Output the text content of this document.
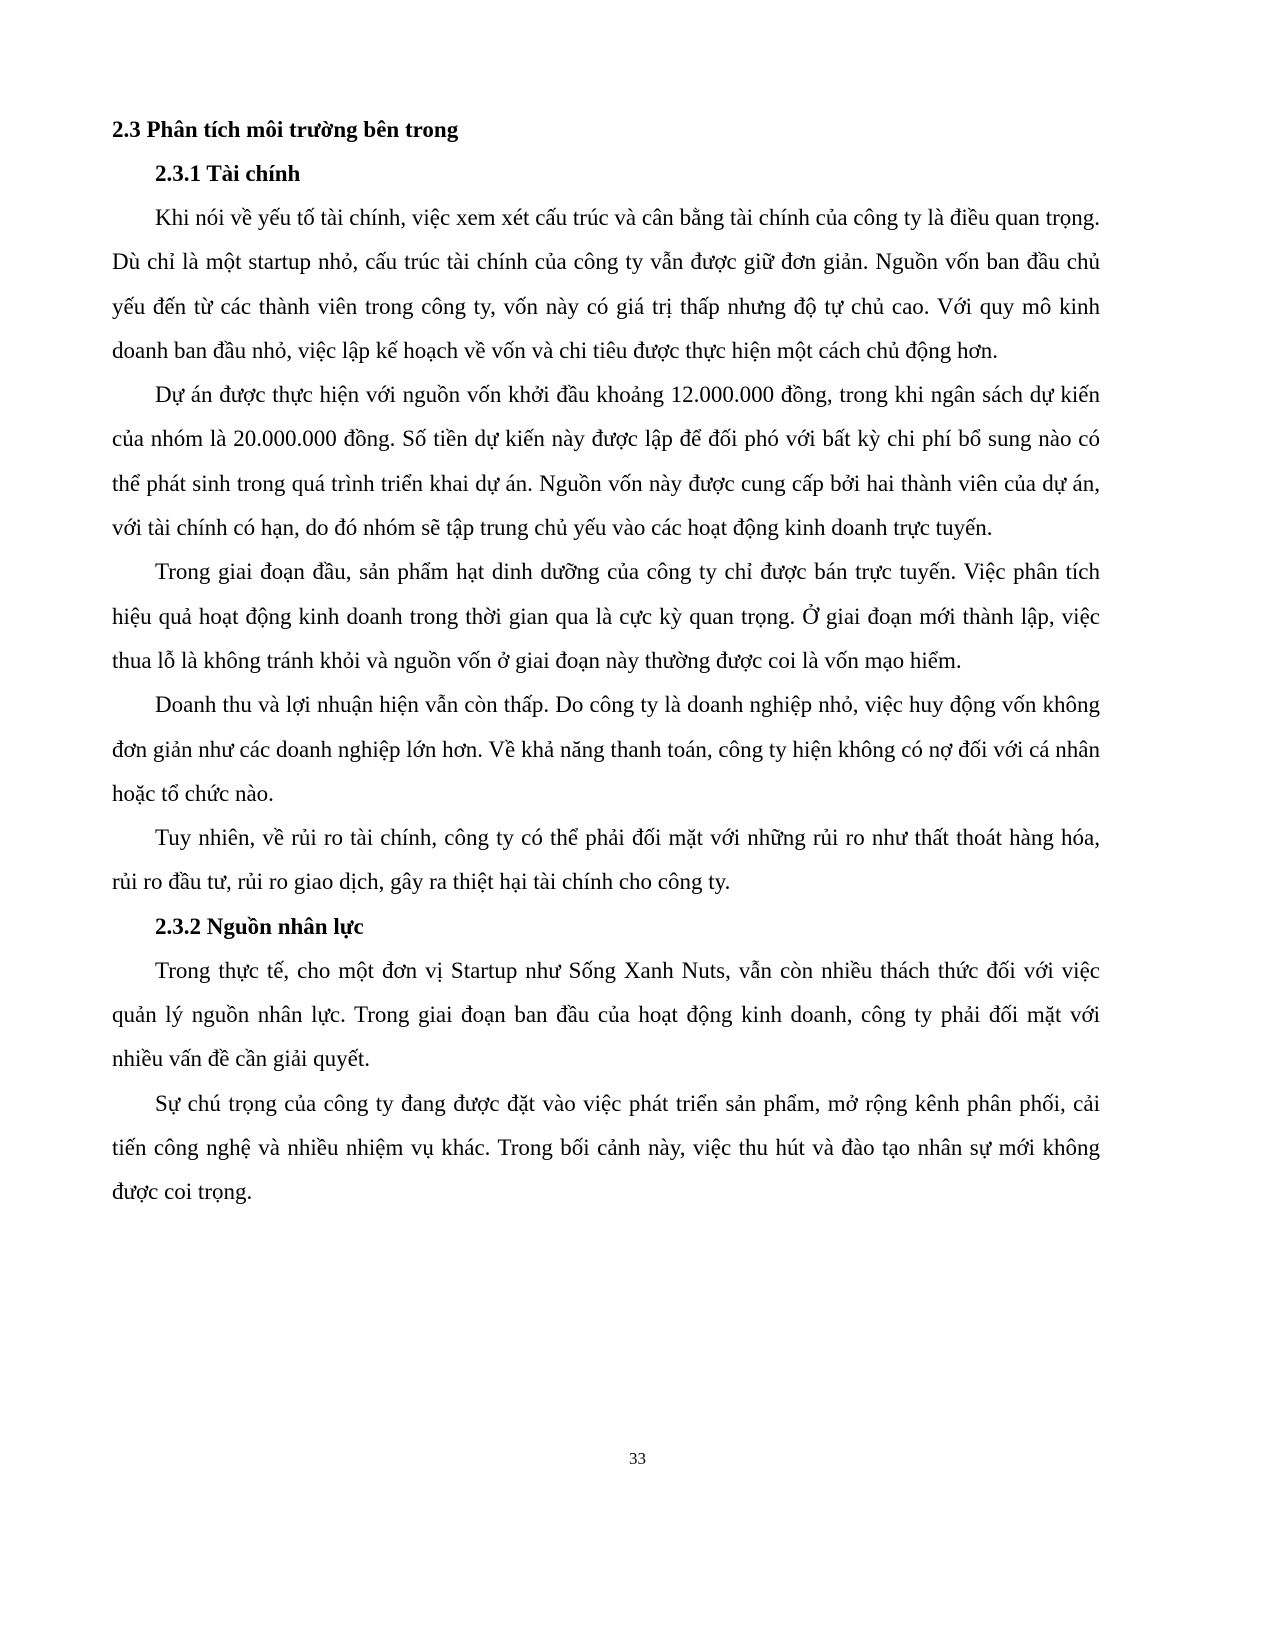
2.3 Phân tích môi trường bên trong
2.3.1 Tài chính

Khi nói về yếu tố tài chính, việc xem xét cấu trúc và cân bằng tài chính của công ty là điều quan trọng. Dù chỉ là một startup nhỏ, cấu trúc tài chính của công ty vẫn được giữ đơn giản. Nguồn vốn ban đầu chủ yếu đến từ các thành viên trong công ty, vốn này có giá trị thấp nhưng độ tự chủ cao. Với quy mô kinh doanh ban đầu nhỏ, việc lập kế hoạch về vốn và chi tiêu được thực hiện một cách chủ động hơn.

Dự án được thực hiện với nguồn vốn khởi đầu khoảng 12.000.000 đồng, trong khi ngân sách dự kiến của nhóm là 20.000.000 đồng. Số tiền dự kiến này được lập để đối phó với bất kỳ chi phí bổ sung nào có thể phát sinh trong quá trình triển khai dự án. Nguồn vốn này được cung cấp bởi hai thành viên của dự án, với tài chính có hạn, do đó nhóm sẽ tập trung chủ yếu vào các hoạt động kinh doanh trực tuyến.

Trong giai đoạn đầu, sản phẩm hạt dinh dưỡng của công ty chỉ được bán trực tuyến. Việc phân tích hiệu quả hoạt động kinh doanh trong thời gian qua là cực kỳ quan trọng. Ở giai đoạn mới thành lập, việc thua lỗ là không tránh khỏi và nguồn vốn ở giai đoạn này thường được coi là vốn mạo hiểm.

Doanh thu và lợi nhuận hiện vẫn còn thấp. Do công ty là doanh nghiệp nhỏ, việc huy động vốn không đơn giản như các doanh nghiệp lớn hơn. Về khả năng thanh toán, công ty hiện không có nợ đối với cá nhân hoặc tổ chức nào.

Tuy nhiên, về rủi ro tài chính, công ty có thể phải đối mặt với những rủi ro như thất thoát hàng hóa, rủi ro đầu tư, rủi ro giao dịch, gây ra thiệt hại tài chính cho công ty.

2.3.2 Nguồn nhân lực

Trong thực tế, cho một đơn vị Startup như Sống Xanh Nuts, vẫn còn nhiều thách thức đối với việc quản lý nguồn nhân lực. Trong giai đoạn ban đầu của hoạt động kinh doanh, công ty phải đối mặt với nhiều vấn đề cần giải quyết.

Sự chú trọng của công ty đang được đặt vào việc phát triển sản phẩm, mở rộng kênh phân phối, cải tiến công nghệ và nhiều nhiệm vụ khác. Trong bối cảnh này, việc thu hút và đào tạo nhân sự mới không được coi trọng.

33
